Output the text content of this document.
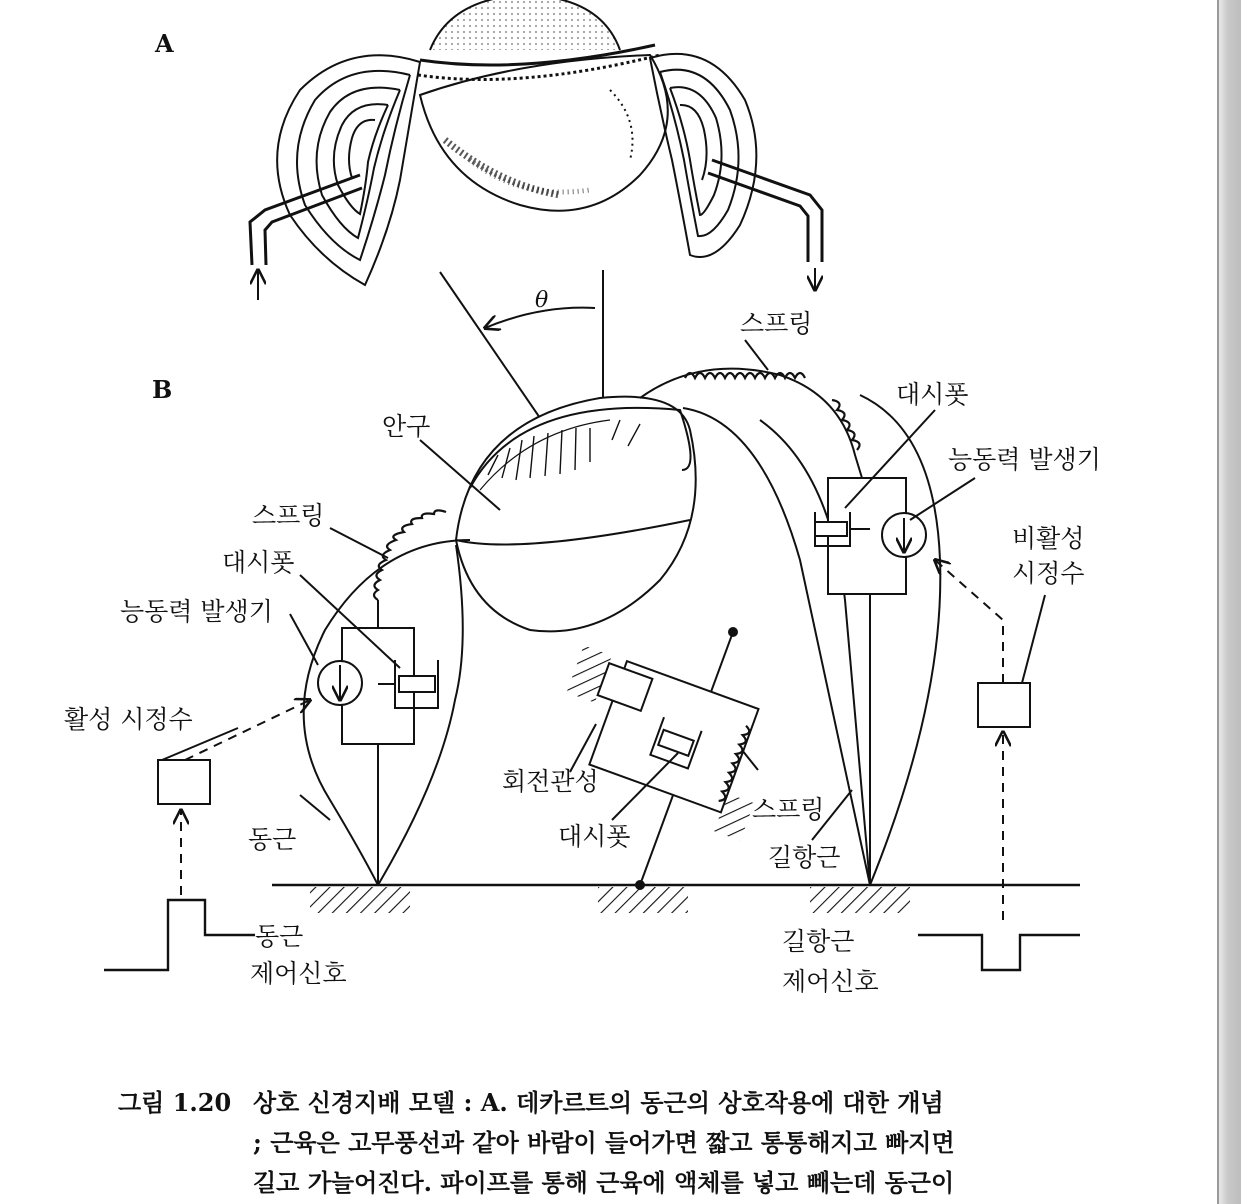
A
B
θ
안구
스프링
대시폿
능동력 발생기
비활성
시정수
스프링
대시폿
능동력 발생기
활성 시정수
동근
회전관성
대시폿
스프링
길항근
동근
제어신호
길항근
제어신호
그림 1.20 상호 신경지배 모델 : A. 데카르트의 동근의 상호작용에 대한 개념
; 근육은 고무풍선과 같아 바람이 들어가면 짧고 통통해지고 빠지면
길고 가늘어진다. 파이프를 통해 근육에 액체를 넣고 빼는데 동근이
